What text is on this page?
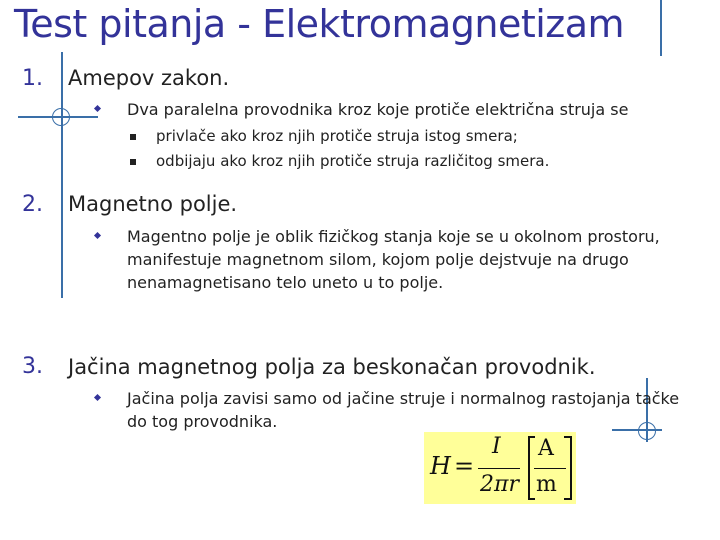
Test pitanja - Elektromagnetizam
1. Amepov zakon.
Dva paralelna provodnika kroz koje protiče električna struja se
privlače ako kroz njih protiče struja istog smera;
odbijaju ako kroz njih protiče struja različitog smera.
2. Magnetno polje.
Magentno polje je oblik fizičkog stanja koje se u okolnom prostoru, manifestuje magnetnom silom, kojom polje dejstvuje na drugo nenamagnetisano telo uneto u to polje.
3. Jačina magnetnog polja za beskonačan provodnik.
Jačina polja zavisi samo od jačine struje i normalnog rastojanja tačke do tog provodnika.
H =
I
2πr
A
m
